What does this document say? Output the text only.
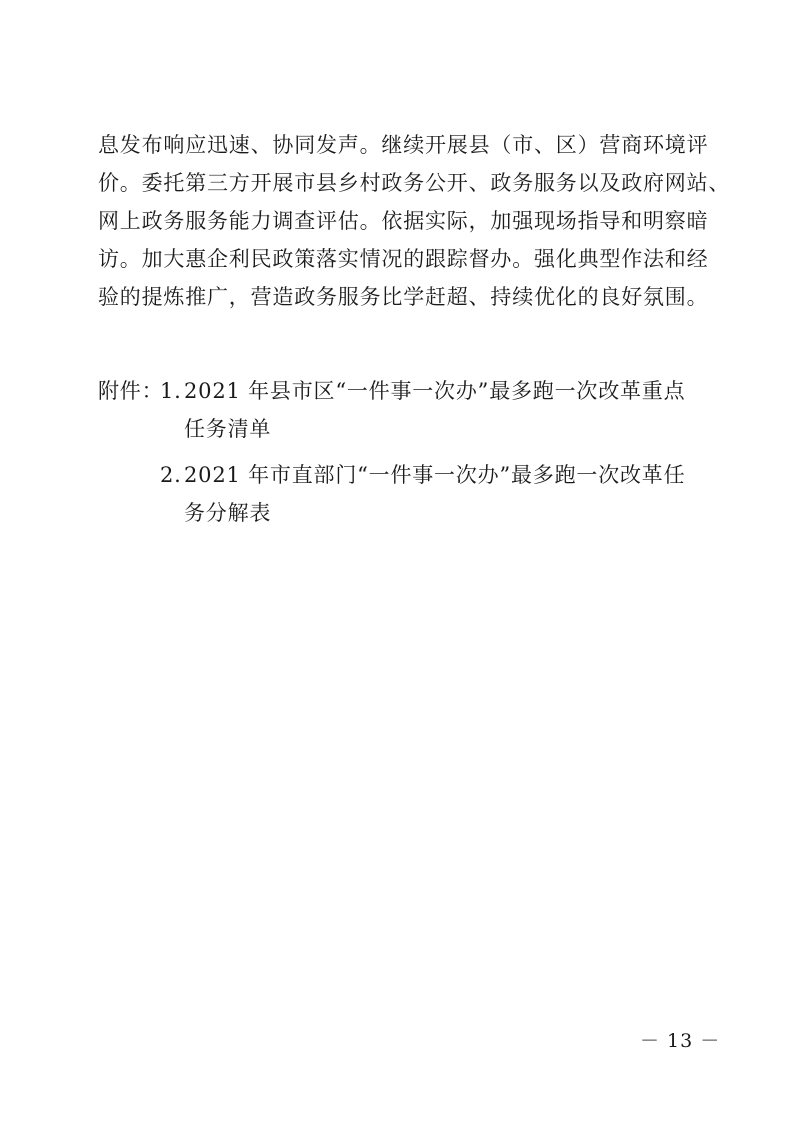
息发布响应迅速、协同发声。继续开展县（市、区）营商环境评
价。委托第三方开展市县乡村政务公开、政务服务以及政府网站、
网上政务服务能力调查评估。依据实际，加强现场指导和明察暗
访。加大惠企利民政策落实情况的跟踪督办。强化典型作法和经
验的提炼推广，营造政务服务比学赶超、持续优化的良好氛围。
附件：
1. 2021 年县市区“一件事一次办”最多跑一次改革重点任务清单
2. 2021 年市直部门“一件事一次办”最多跑一次改革任务分解表
－ 13 －
